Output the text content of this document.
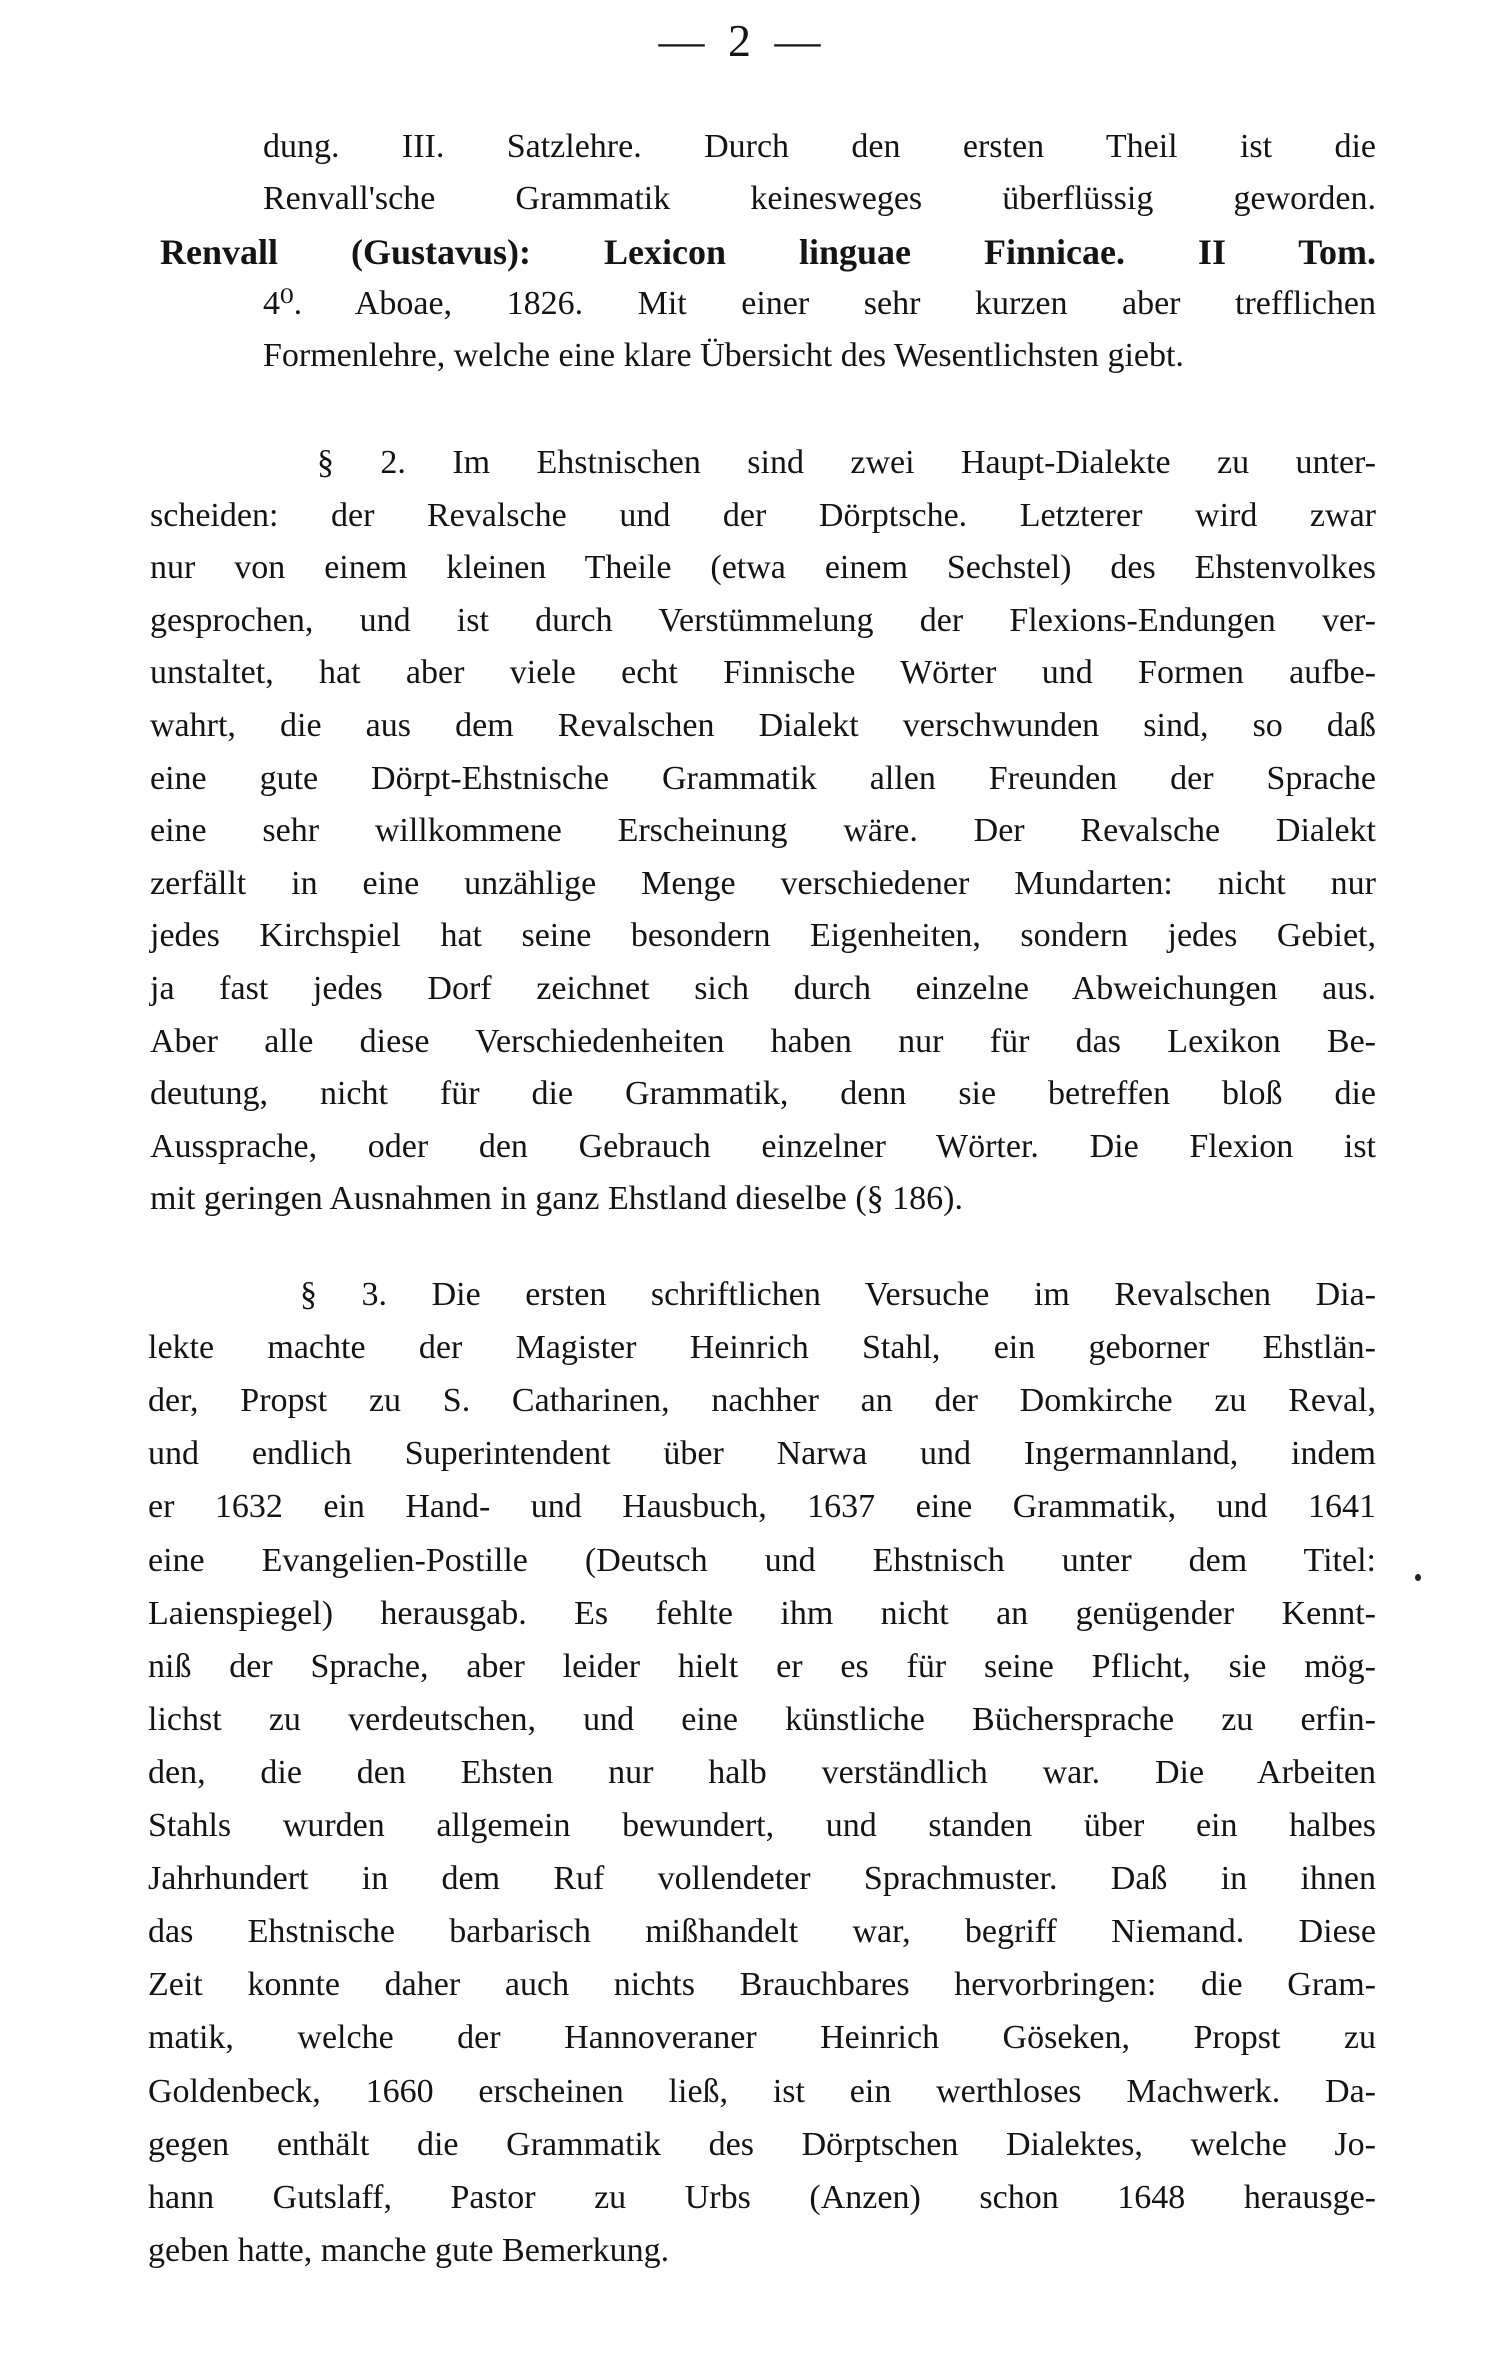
— 2 —
dung. III. Satzlehre. Durch den ersten Theil ist die
Renvall'sche Grammatik keinesweges überflüssig geworden.
Renvall (Gustavus): Lexicon linguae Finnicae. II Tom.
4⁰. Aboae, 1826. Mit einer sehr kurzen aber trefflichen
Formenlehre, welche eine klare Übersicht des Wesentlichsten giebt.
§ 2. Im Ehstnischen sind zwei Haupt-Dialekte zu unter-
scheiden: der Revalsche und der Dörptsche. Letzterer wird zwar
nur von einem kleinen Theile (etwa einem Sechstel) des Ehstenvolkes
gesprochen, und ist durch Verstümmelung der Flexions-Endungen ver-
unstaltet, hat aber viele echt Finnische Wörter und Formen aufbe-
wahrt, die aus dem Revalschen Dialekt verschwunden sind, so daß
eine gute Dörpt-Ehstnische Grammatik allen Freunden der Sprache
eine sehr willkommene Erscheinung wäre. Der Revalsche Dialekt
zerfällt in eine unzählige Menge verschiedener Mundarten: nicht nur
jedes Kirchspiel hat seine besondern Eigenheiten, sondern jedes Gebiet,
ja fast jedes Dorf zeichnet sich durch einzelne Abweichungen aus.
Aber alle diese Verschiedenheiten haben nur für das Lexikon Be-
deutung, nicht für die Grammatik, denn sie betreffen bloß die
Aussprache, oder den Gebrauch einzelner Wörter. Die Flexion ist
mit geringen Ausnahmen in ganz Ehstland dieselbe (§ 186).
§ 3. Die ersten schriftlichen Versuche im Revalschen Dia-
lekte machte der Magister Heinrich Stahl, ein geborner Ehstlän-
der, Propst zu S. Catharinen, nachher an der Domkirche zu Reval,
und endlich Superintendent über Narwa und Ingermannland, indem
er 1632 ein Hand- und Hausbuch, 1637 eine Grammatik, und 1641
eine Evangelien-Postille (Deutsch und Ehstnisch unter dem Titel:
Laienspiegel) herausgab. Es fehlte ihm nicht an genügender Kennt-
niß der Sprache, aber leider hielt er es für seine Pflicht, sie mög-
lichst zu verdeutschen, und eine künstliche Büchersprache zu erfin-
den, die den Ehsten nur halb verständlich war. Die Arbeiten
Stahls wurden allgemein bewundert, und standen über ein halbes
Jahrhundert in dem Ruf vollendeter Sprachmuster. Daß in ihnen
das Ehstnische barbarisch mißhandelt war, begriff Niemand. Diese
Zeit konnte daher auch nichts Brauchbares hervorbringen: die Gram-
matik, welche der Hannoveraner Heinrich Göseken, Propst zu
Goldenbeck, 1660 erscheinen ließ, ist ein werthloses Machwerk. Da-
gegen enthält die Grammatik des Dörptschen Dialektes, welche Jo-
hann Gutslaff, Pastor zu Urbs (Anzen) schon 1648 herausge-
geben hatte, manche gute Bemerkung.
